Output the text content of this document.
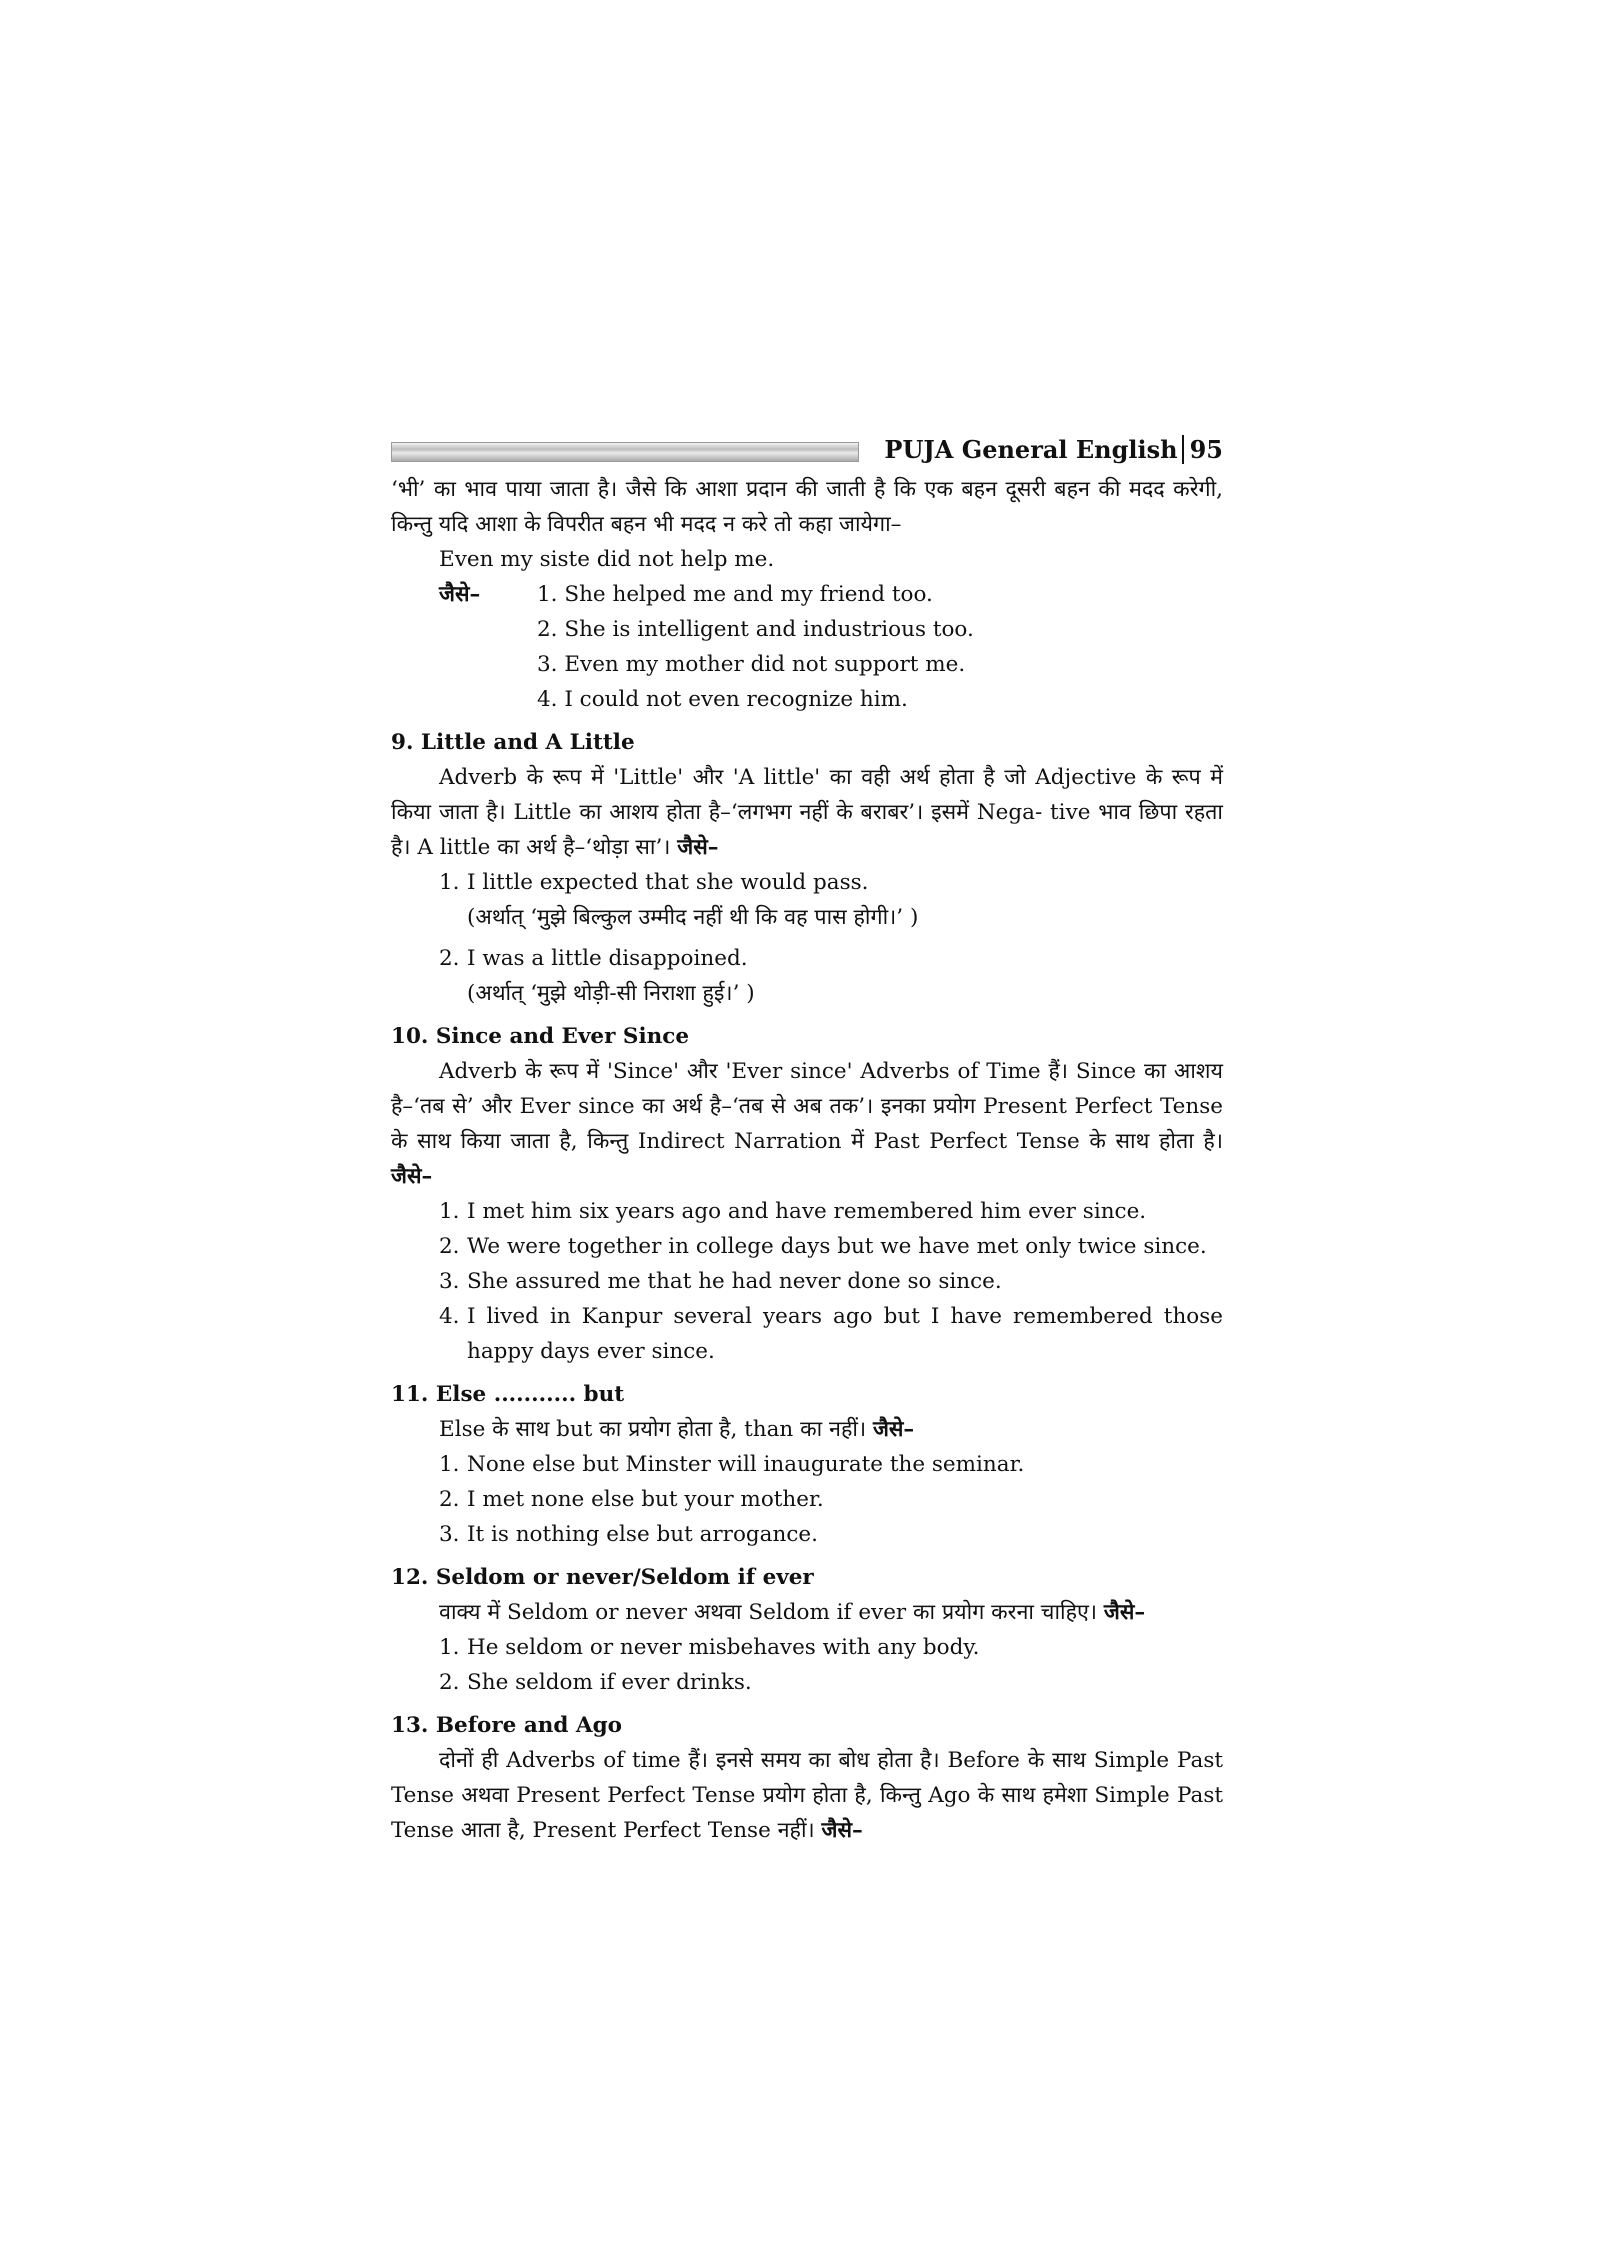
PUJA General English 95

‘भी’ का भाव पाया जाता है। जैसे कि आशा प्रदान की जाती है कि एक बहन दूसरी बहन की मदद करेगी, किन्तु यदि आशा के विपरीत बहन भी मदद न करे तो कहा जायेगा–

Even my siste did not help me.

जैसे–	1. She helped me and my friend too.
2. She is intelligent and industrious too.
3. Even my mother did not support me.
4. I could not even recognize him.

9. Little and A Little

Adverb के रूप में 'Little' और 'A little' का वही अर्थ होता है जो Adjective के रूप में किया जाता है। Little का आशय होता है–‘लगभग नहीं के बराबर’। इसमें Nega- tive भाव छिपा रहता है। A little का अर्थ है–‘थोड़ा सा’। जैसे–

1. I little expected that she would pass.

(अर्थात् ‘मुझे बिल्कुल उम्मीद नहीं थी कि वह पास होगी।’ )

2. I was a little disappoined.

(अर्थात् ‘मुझे थोड़ी-सी निराशा हुई।’ )

10. Since and Ever Since

Adverb के रूप में 'Since' और 'Ever since' Adverbs of Time हैं। Since का आशय है–‘तब से’ और Ever since का अर्थ है–‘तब से अब तक’। इनका प्रयोग Present Perfect Tense के साथ किया जाता है, किन्तु Indirect Narration में Past Perfect Tense के साथ होता है। जैसे–

1. I met him six years ago and have remembered him ever since.
2. We were together in college days but we have met only twice since.
3. She assured me that he had never done so since.
4. I lived in Kanpur several years ago but I have remembered those happy days ever since.

11. Else ........... but

Else के साथ but का प्रयोग होता है, than का नहीं। जैसे–

1. None else but Minster will inaugurate the seminar.
2. I met none else but your mother.
3. It is nothing else but arrogance.

12. Seldom or never/Seldom if ever

वाक्य में Seldom or never अथवा Seldom if ever का प्रयोग करना चाहिए। जैसे–

1. He seldom or never misbehaves with any body.
2. She seldom if ever drinks.

13. Before and Ago

दोनों ही Adverbs of time हैं। इनसे समय का बोध होता है। Before के साथ Simple Past Tense अथवा Present Perfect Tense प्रयोग होता है, किन्तु Ago के साथ हमेशा Simple Past Tense आता है, Present Perfect Tense नहीं। जैसे–
